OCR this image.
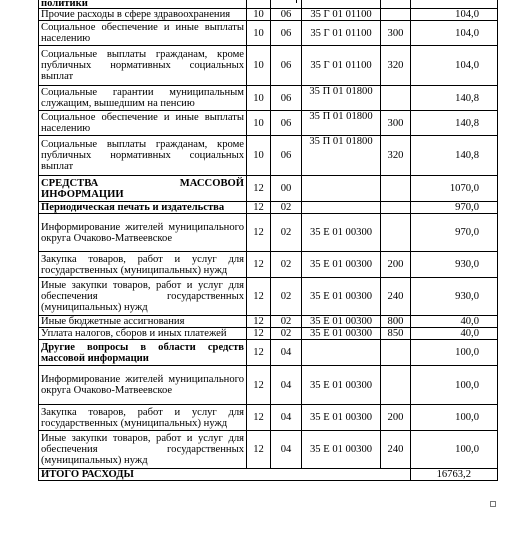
политики					
Прочие расходы в сфере здравоохранения	10	06	35 Г 01 01100		104,0
Социальное обеспечение и иные выплаты населению	10	06	35 Г 01 01100	300	104,0
Социальные выплаты гражданам, кроме публичных нормативных социальных выплат	10	06	35 Г 01 01100	320	104,0
Социальные гарантии муниципальным служащим, вышедшим на пенсию	10	06	35 П 01 01800		140,8
Социальное обеспечение и иные выплаты населению	10	06	35 П 01 01800	300	140,8
Социальные выплаты гражданам, кроме публичных нормативных социальных выплат	10	06	35 П 01 01800	320	140,8
СРЕДСТВА МАССОВОЙ ИНФОРМАЦИИ	12	00			1070,0
Периодическая печать и издательства	12	02			970,0
Информирование жителей муниципального округа Очаково-Матвеевское	12	02	35 Е 01 00300		970,0
Закупка товаров, работ и услуг для государственных (муниципальных) нужд	12	02	35 Е 01 00300	200	930,0
Иные закупки товаров, работ и услуг для обеспечения государственных (муниципальных) нужд	12	02	35 Е 01 00300	240	930,0
Иные бюджетные ассигнования	12	02	35 Е 01 00300	800	40,0
Уплата налогов, сборов и иных платежей	12	02	35 Е 01 00300	850	40,0
Другие вопросы в области средств массовой информации	12	04			100,0
Информирование жителей муниципального округа Очаково-Матвеевское	12	04	35 Е 01 00300		100,0
Закупка товаров, работ и услуг для государственных (муниципальных) нужд	12	04	35 Е 01 00300	200	100,0
Иные закупки товаров, работ и услуг для обеспечения государственных (муниципальных) нужд	12	04	35 Е 01 00300	240	100,0
ИТОГО РАСХОДЫ					16763,2
